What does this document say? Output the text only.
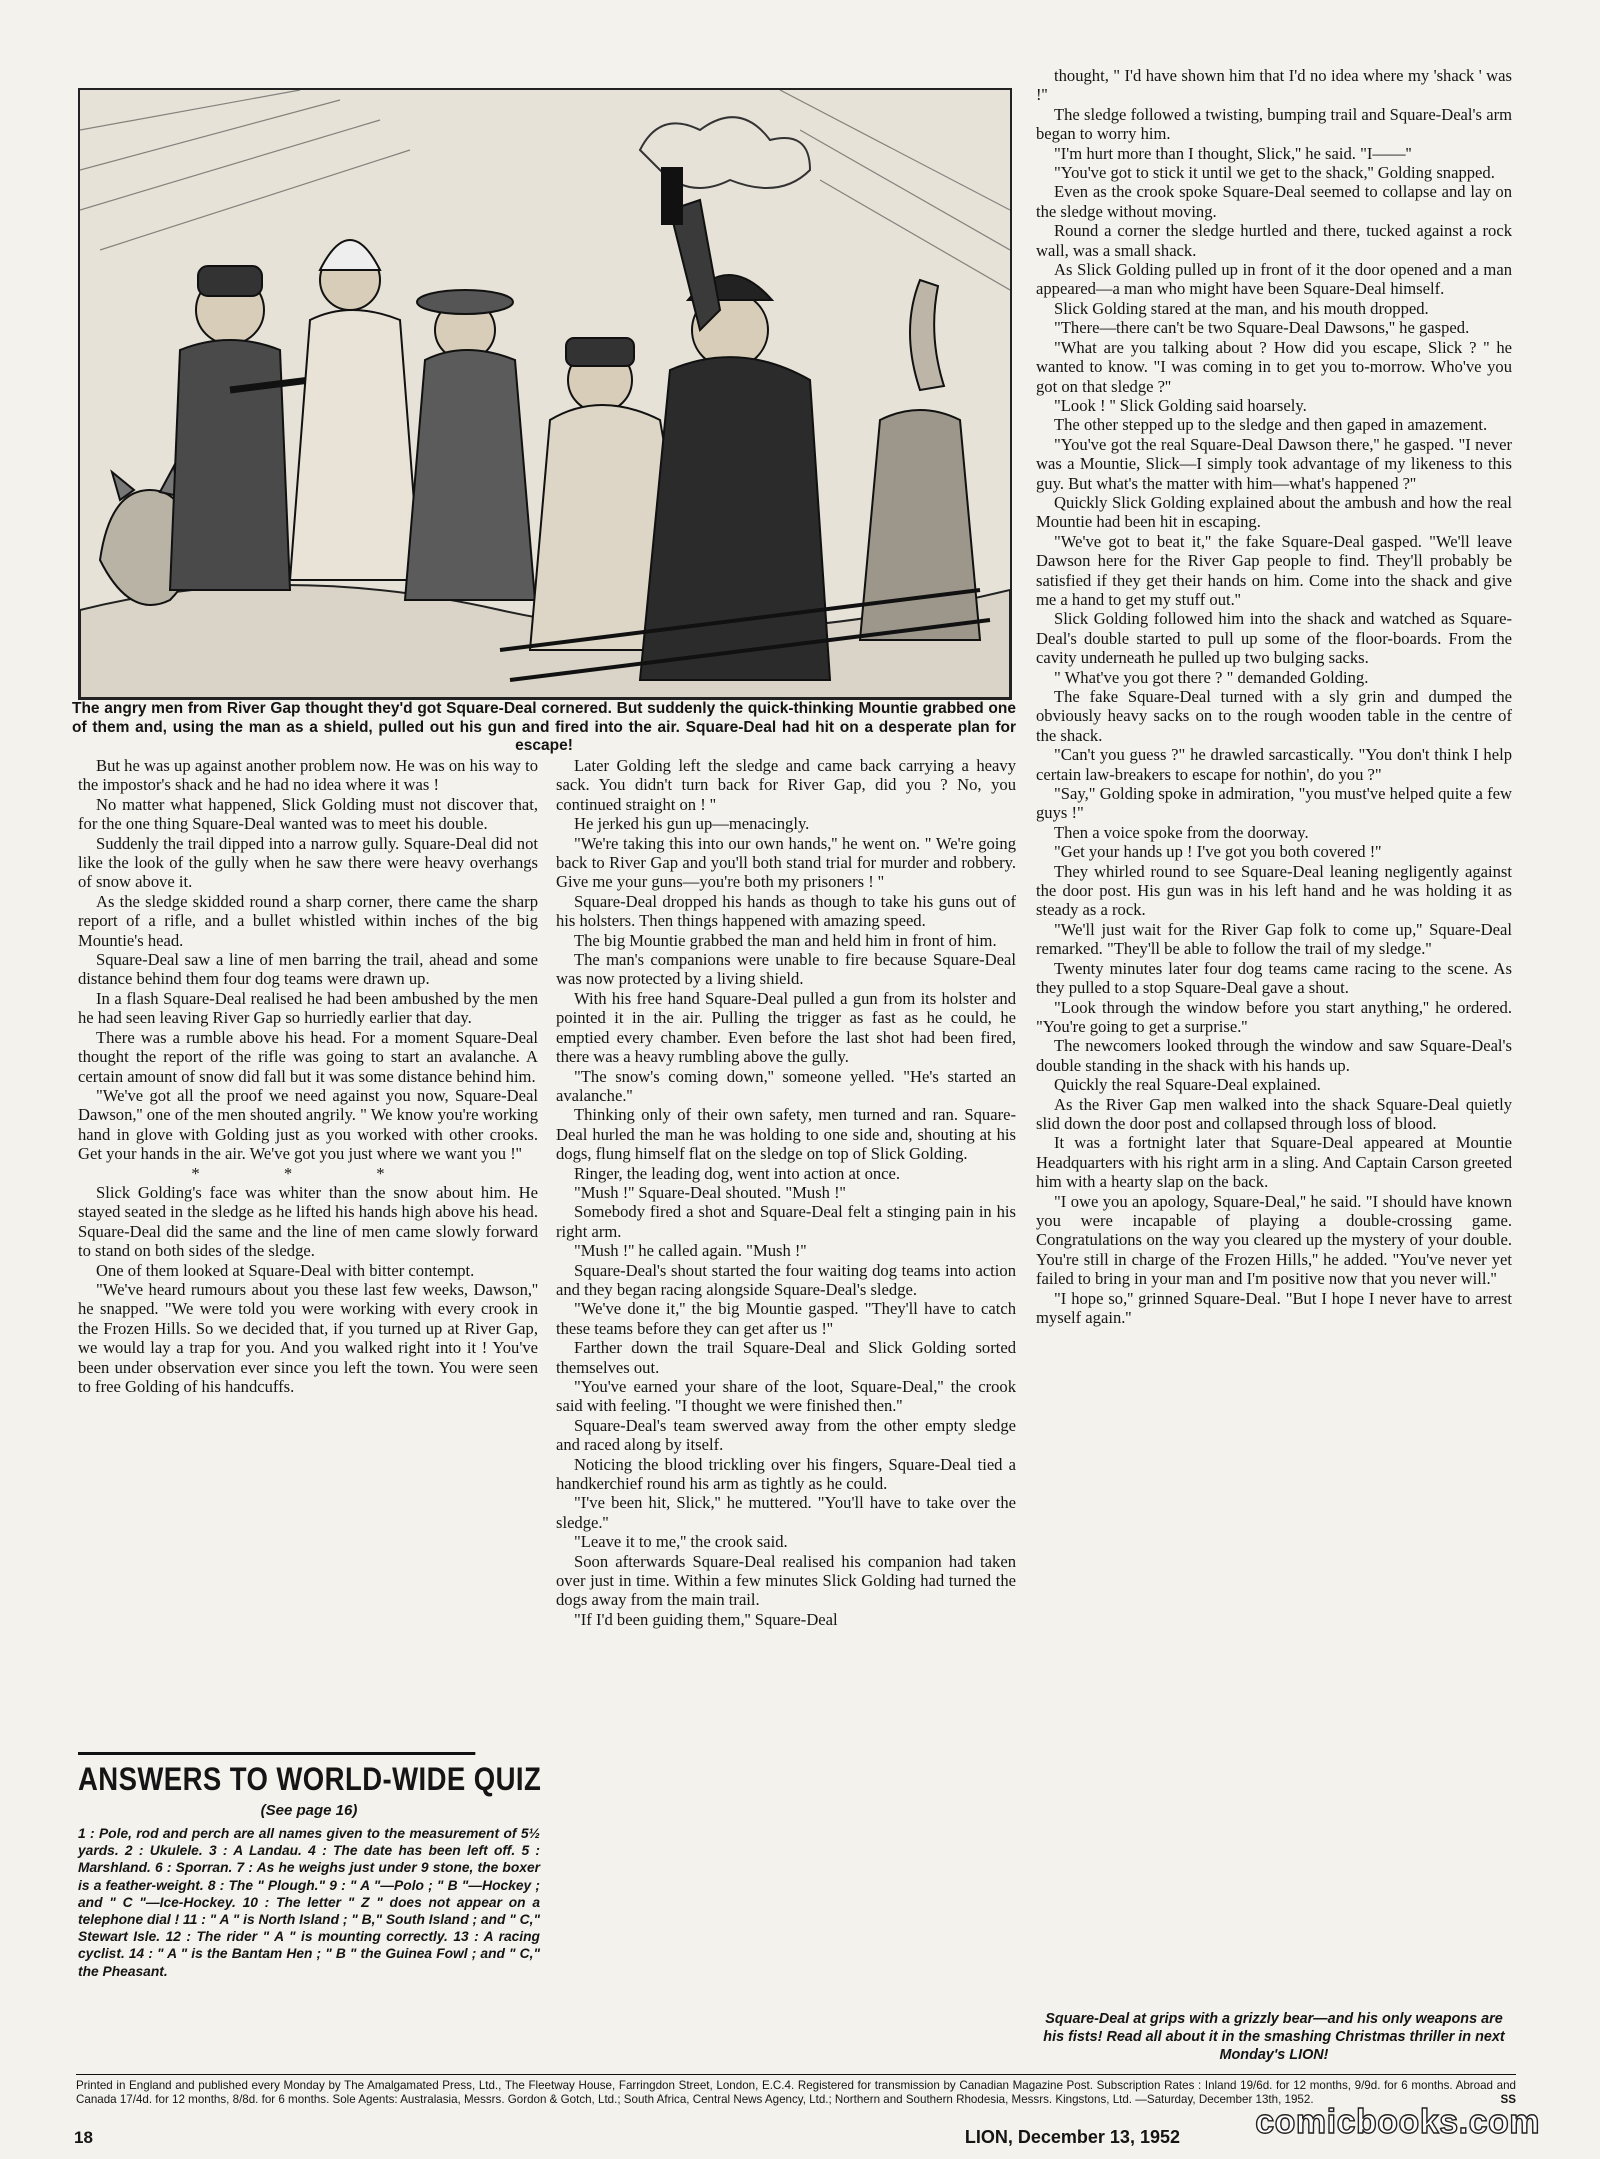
The angry men from River Gap thought they'd got Square-Deal cornered. But suddenly the quick-thinking Mountie grabbed one of them and, using the man as a shield, pulled out his gun and fired into the air. Square-Deal had hit on a desperate plan for escape!

But he was up against another problem now. He was on his way to the impostor's shack and he had no idea where it was !

No matter what happened, Slick Golding must not discover that, for the one thing Square-Deal wanted was to meet his double.

Suddenly the trail dipped into a narrow gully. Square-Deal did not like the look of the gully when he saw there were heavy overhangs of snow above it.

As the sledge skidded round a sharp corner, there came the sharp report of a rifle, and a bullet whistled within inches of the big Mountie's head.

Square-Deal saw a line of men barring the trail, ahead and some distance behind them four dog teams were drawn up.

In a flash Square-Deal realised he had been ambushed by the men he had seen leaving River Gap so hurriedly earlier that day.

There was a rumble above his head. For a moment Square-Deal thought the report of the rifle was going to start an avalanche. A certain amount of snow did fall but it was some distance behind him.

"We've got all the proof we need against you now, Square-Deal Dawson,'' one of the men shouted angrily. " We know you're working hand in glove with Golding just as you worked with other crooks. Get your hands in the air. We've got you just where we want you !''

* * *

Slick Golding's face was whiter than the snow about him. He stayed seated in the sledge as he lifted his hands high above his head. Square-Deal did the same and the line of men came slowly forward to stand on both sides of the sledge.

One of them looked at Square-Deal with bitter contempt.

"We've heard rumours about you these last few weeks, Dawson,'' he snapped. "We were told you were working with every crook in the Frozen Hills. So we decided that, if you turned up at River Gap, we would lay a trap for you. And you walked right into it ! You've been under observation ever since you left the town. You were seen to free Golding of his handcuffs.

Later Golding left the sledge and came back carrying a heavy sack. You didn't turn back for River Gap, did you ? No, you continued straight on ! ''

He jerked his gun up—menacingly.

"We're taking this into our own hands,'' he went on. " We're going back to River Gap and you'll both stand trial for murder and robbery. Give me your guns—you're both my prisoners ! ''

Square-Deal dropped his hands as though to take his guns out of his holsters. Then things happened with amazing speed.

The big Mountie grabbed the man and held him in front of him.

The man's companions were unable to fire because Square-Deal was now protected by a living shield.

With his free hand Square-Deal pulled a gun from its holster and pointed it in the air. Pulling the trigger as fast as he could, he emptied every chamber. Even before the last shot had been fired, there was a heavy rumbling above the gully.

"The snow's coming down,'' someone yelled. "He's started an avalanche.''

Thinking only of their own safety, men turned and ran. Square-Deal hurled the man he was holding to one side and, shouting at his dogs, flung himself flat on the sledge on top of Slick Golding.

Ringer, the leading dog, went into action at once.

"Mush !'' Square-Deal shouted. "Mush !''

Somebody fired a shot and Square-Deal felt a stinging pain in his right arm.

"Mush !'' he called again. "Mush !''

Square-Deal's shout started the four waiting dog teams into action and they began racing alongside Square-Deal's sledge.

"We've done it,'' the big Mountie gasped. "They'll have to catch these teams before they can get after us !''

Farther down the trail Square-Deal and Slick Golding sorted themselves out.

"You've earned your share of the loot, Square-Deal,'' the crook said with feeling. "I thought we were finished then.''

Square-Deal's team swerved away from the other empty sledge and raced along by itself.

Noticing the blood trickling over his fingers, Square-Deal tied a handkerchief round his arm as tightly as he could.

"I've been hit, Slick,'' he muttered. "You'll have to take over the sledge.''

"Leave it to me,'' the crook said.

Soon afterwards Square-Deal realised his companion had taken over just in time. Within a few minutes Slick Golding had turned the dogs away from the main trail.

"If I'd been guiding them,'' Square-Deal

thought, " I'd have shown him that I'd no idea where my 'shack ' was !''

The sledge followed a twisting, bumping trail and Square-Deal's arm began to worry him.

"I'm hurt more than I thought, Slick,'' he said. "I——''

"You've got to stick it until we get to the shack,'' Golding snapped.

Even as the crook spoke Square-Deal seemed to collapse and lay on the sledge without moving.

Round a corner the sledge hurtled and there, tucked against a rock wall, was a small shack.

As Slick Golding pulled up in front of it the door opened and a man appeared—a man who might have been Square-Deal himself.

Slick Golding stared at the man, and his mouth dropped.

"There—there can't be two Square-Deal Dawsons,'' he gasped.

"What are you talking about ? How did you escape, Slick ? '' he wanted to know. "I was coming in to get you to-morrow. Who've you got on that sledge ?''

"Look ! '' Slick Golding said hoarsely.

The other stepped up to the sledge and then gaped in amazement.

"You've got the real Square-Deal Dawson there,'' he gasped. "I never was a Mountie, Slick—I simply took advantage of my likeness to this guy. But what's the matter with him—what's happened ?''

Quickly Slick Golding explained about the ambush and how the real Mountie had been hit in escaping.

"We've got to beat it,'' the fake Square-Deal gasped. "We'll leave Dawson here for the River Gap people to find. They'll probably be satisfied if they get their hands on him. Come into the shack and give me a hand to get my stuff out.''

Slick Golding followed him into the shack and watched as Square-Deal's double started to pull up some of the floor-boards. From the cavity underneath he pulled up two bulging sacks.

" What've you got there ? " demanded Golding.

The fake Square-Deal turned with a sly grin and dumped the obviously heavy sacks on to the rough wooden table in the centre of the shack.

"Can't you guess ?" he drawled sarcastically. "You don't think I help certain law-breakers to escape for nothin', do you ?"

"Say," Golding spoke in admiration, "you must've helped quite a few guys !"

Then a voice spoke from the doorway.

"Get your hands up ! I've got you both covered !''

They whirled round to see Square-Deal leaning negligently against the door post. His gun was in his left hand and he was holding it as steady as a rock.

"We'll just wait for the River Gap folk to come up,'' Square-Deal remarked. "They'll be able to follow the trail of my sledge.''

Twenty minutes later four dog teams came racing to the scene. As they pulled to a stop Square-Deal gave a shout.

"Look through the window before you start anything,'' he ordered. "You're going to get a surprise.''

The newcomers looked through the window and saw Square-Deal's double standing in the shack with his hands up.

Quickly the real Square-Deal explained.

As the River Gap men walked into the shack Square-Deal quietly slid down the door post and collapsed through loss of blood.

It was a fortnight later that Square-Deal appeared at Mountie Headquarters with his right arm in a sling. And Captain Carson greeted him with a hearty slap on the back.

"I owe you an apology, Square-Deal,'' he said. "I should have known you were incapable of playing a double-crossing game. Congratulations on the way you cleared up the mystery of your double. You're still in charge of the Frozen Hills,'' he added. "You've never yet failed to bring in your man and I'm positive now that you never will.''

"I hope so,'' grinned Square-Deal. "But I hope I never have to arrest myself again.''

ANSWERS TO WORLD-WIDE QUIZ
(See page 16)
1 : Pole, rod and perch are all names given to the measurement of 5½ yards. 2 : Ukulele. 3 : A Landau. 4 : The date has been left off. 5 : Marshland. 6 : Sporran. 7 : As he weighs just under 9 stone, the boxer is a feather-weight. 8 : The " Plough." 9 : " A "—Polo ; " B "—Hockey ; and " C "—Ice-Hockey. 10 : The letter " Z " does not appear on a telephone dial ! 11 : " A " is North Island ; " B," South Island ; and " C," Stewart Isle. 12 : The rider " A " is mounting correctly. 13 : A racing cyclist. 14 : " A " is the Bantam Hen ; " B " the Guinea Fowl ; and " C," the Pheasant.
Square-Deal at grips with a grizzly bear—and his only weapons are his fists! Read all about it in the smashing Christmas thriller in next Monday's LION!
Printed in England and published every Monday by The Amalgamated Press, Ltd., The Fleetway House, Farringdon Street, London, E.C.4. Registered for transmission by Canadian Magazine Post. Subscription Rates : Inland 19/6d. for 12 months, 9/9d. for 6 months. Abroad and Canada 17/4d. for 12 months, 8/8d. for 6 months. Sole Agents: Australasia, Messrs. Gordon & Gotch, Ltd.; South Africa, Central News Agency, Ltd.; Northern and Southern Rhodesia, Messrs. Kingstons, Ltd. —Saturday, December 13th, 1952.	SS
18	comicbooks.com
LION, December 13, 1952
